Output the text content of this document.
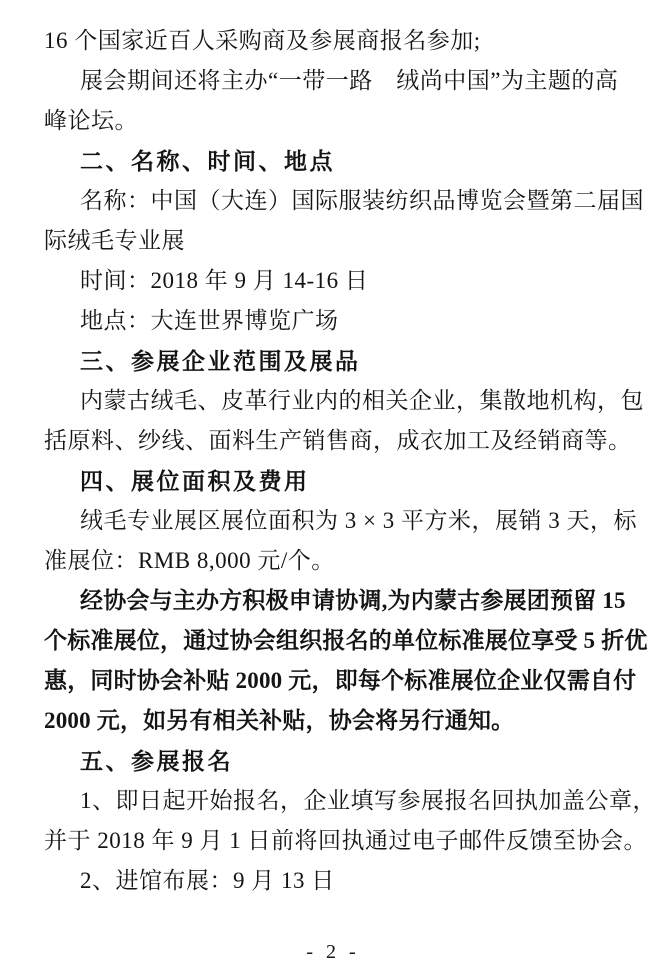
16 个国家近百人采购商及参展商报名参加;
展会期间还将主办“一带一路　绒尚中国”为主题的高
峰论坛。
二、名称、时间、地点
名称：中国（大连）国际服装纺织品博览会暨第二届国
际绒毛专业展
时间：2018 年 9 月 14-16 日
地点：大连世界博览广场
三、参展企业范围及展品
内蒙古绒毛、皮革行业内的相关企业，集散地机构，包
括原料、纱线、面料生产销售商，成衣加工及经销商等。
四、展位面积及费用
绒毛专业展区展位面积为 3 × 3 平方米，展销 3 天，标
准展位：RMB 8,000 元/个。
经协会与主办方积极申请协调,为内蒙古参展团预留 15
个标准展位，通过协会组织报名的单位标准展位享受 5 折优
惠，同时协会补贴 2000 元，即每个标准展位企业仅需自付
2000 元，如另有相关补贴，协会将另行通知。
五、参展报名
1、即日起开始报名，企业填写参展报名回执加盖公章，
并于 2018 年 9 月 1 日前将回执通过电子邮件反馈至协会。
2、进馆布展：9 月 13 日
- 2 -
